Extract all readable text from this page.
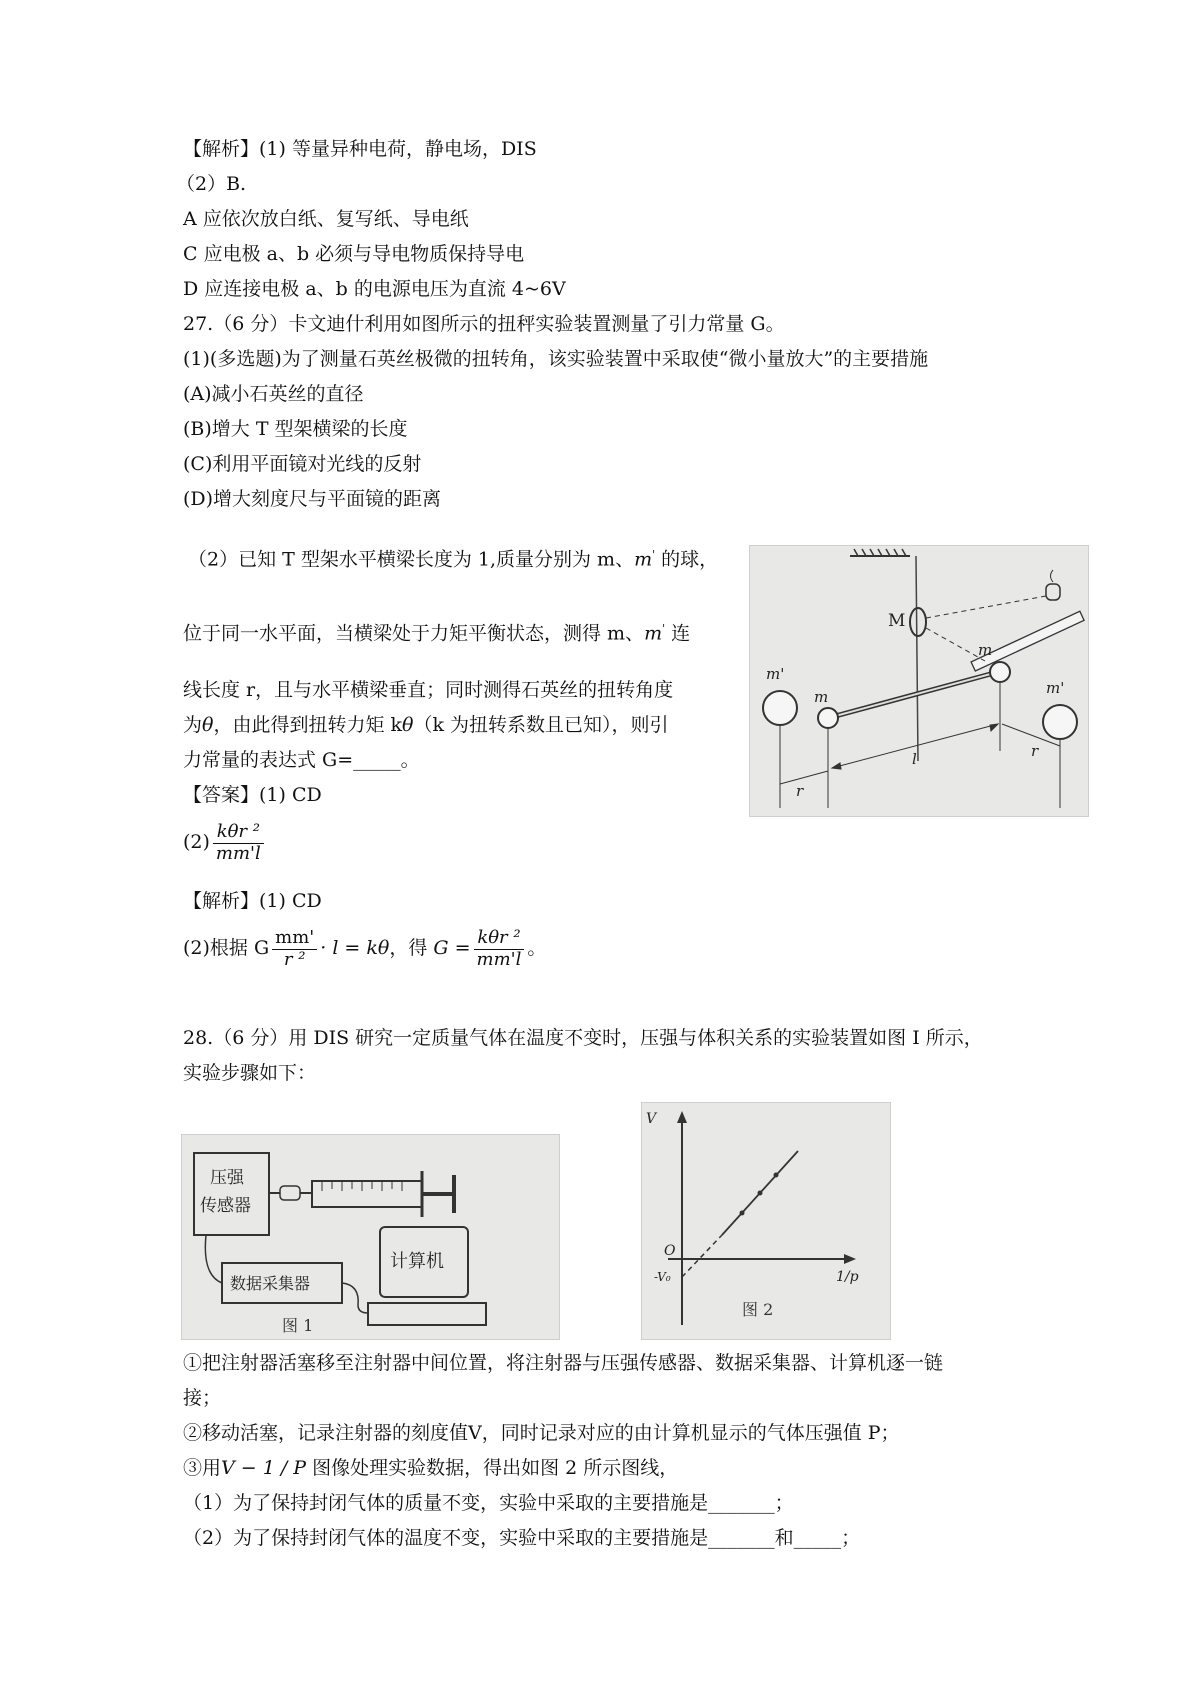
【解析】(1) 等量异种电荷，静电场，DIS
（2）B.
A 应依次放白纸、复写纸、导电纸
C 应电极 a、b 必须与导电物质保持导电
D 应连接电极 a、b 的电源电压为直流 4~6V
27.（6 分）卡文迪什利用如图所示的扭秤实验装置测量了引力常量 G。
(1)(多选题)为了测量石英丝极微的扭转角，该实验装置中采取使“微小量放大”的主要措施
(A)减小石英丝的直径
(B)增大 T 型架横梁的长度
(C)利用平面镜对光线的反射
(D)增大刻度尺与平面镜的距离
（2）已知 T 型架水平横梁长度为 1,质量分别为 m、m' 的球，
位于同一水平面，当横梁处于力矩平衡状态，测得 m、m' 连
线长度 r，且与水平横梁垂直；同时测得石英丝的扭转角度
为θ，由此得到扭转力矩 kθ（k 为扭转系数且已知），则引
力常量的表达式 G=_____。
【答案】(1) CD
$(2) \frac{\text{kθr ²}}{mm'l}$
【解析】(1) CD
(2)根据 G $\frac{mm'}{\text{r ²}} \cdot l = k\theta$，得 $G = \frac{\text{kθr ²}}{mm'l}$ 。
M
m
m
m'
m'
r
l	r
28.（6 分）用 DIS 研究一定质量气体在温度不变时，压强与体积关系的实验装置如图 I 所示，
实验步骤如下：
压强
传感器
计算机
数据采集器
图 1
V
1/p
O
-V₀
图 2
①把注射器活塞移至注射器中间位置，将注射器与压强传感器、数据采集器、计算机逐一链
接；
②移动活塞，记录注射器的刻度值V，同时记录对应的由计算机显示的气体压强值 P；
③用V − 1 / P 图像处理实验数据，得出如图 2 所示图线，
（1）为了保持封闭气体的质量不变，实验中采取的主要措施是_______；
（2）为了保持封闭气体的温度不变，实验中采取的主要措施是_______和_____；
